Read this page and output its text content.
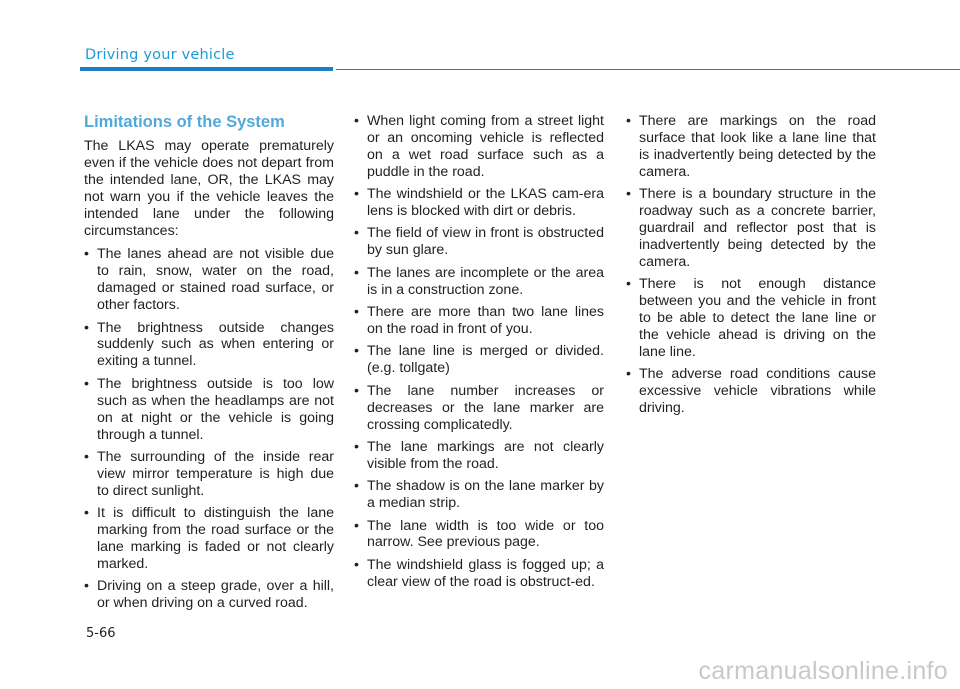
Driving your vehicle
Limitations of the System

The LKAS may operate prematurely even if the vehicle does not depart from the intended lane, OR, the LKAS may not warn you if the vehicle leaves the intended lane under the following circumstances:

• The lanes ahead are not visible due to rain, snow, water on the road, damaged or stained road surface, or other factors.
• The brightness outside changes suddenly such as when entering or exiting a tunnel.
• The brightness outside is too low such as when the headlamps are not on at night or the vehicle is going through a tunnel.
• The surrounding of the inside rear view mirror temperature is high due to direct sunlight.
• It is difficult to distinguish the lane marking from the road surface or the lane marking is faded or not clearly marked.
• Driving on a steep grade, over a hill, or when driving on a curved road.
• When light coming from a street light or an oncoming vehicle is reflected on a wet road surface such as a puddle in the road.
• The windshield or the LKAS cam-era lens is blocked with dirt or debris.
• The field of view in front is obstructed by sun glare.
• The lanes are incomplete or the area is in a construction zone.
• There are more than two lane lines on the road in front of you.
• The lane line is merged or divided. (e.g. tollgate)
• The lane number increases or decreases or the lane marker are crossing complicatedly.
• The lane markings are not clearly visible from the road.
• The shadow is on the lane marker by a median strip.
• The lane width is too wide or too narrow. See previous page.
• The windshield glass is fogged up; a clear view of the road is obstruct-ed.
• There are markings on the road surface that look like a lane line that is inadvertently being detected by the camera.
• There is a boundary structure in the roadway such as a concrete barrier, guardrail and reflector post that is inadvertently being detected by the camera.
• There is not enough distance between you and the vehicle in front to be able to detect the lane line or the vehicle ahead is driving on the lane line.
• The adverse road conditions cause excessive vehicle vibrations while driving.
5-66
carmanualsonline.info
